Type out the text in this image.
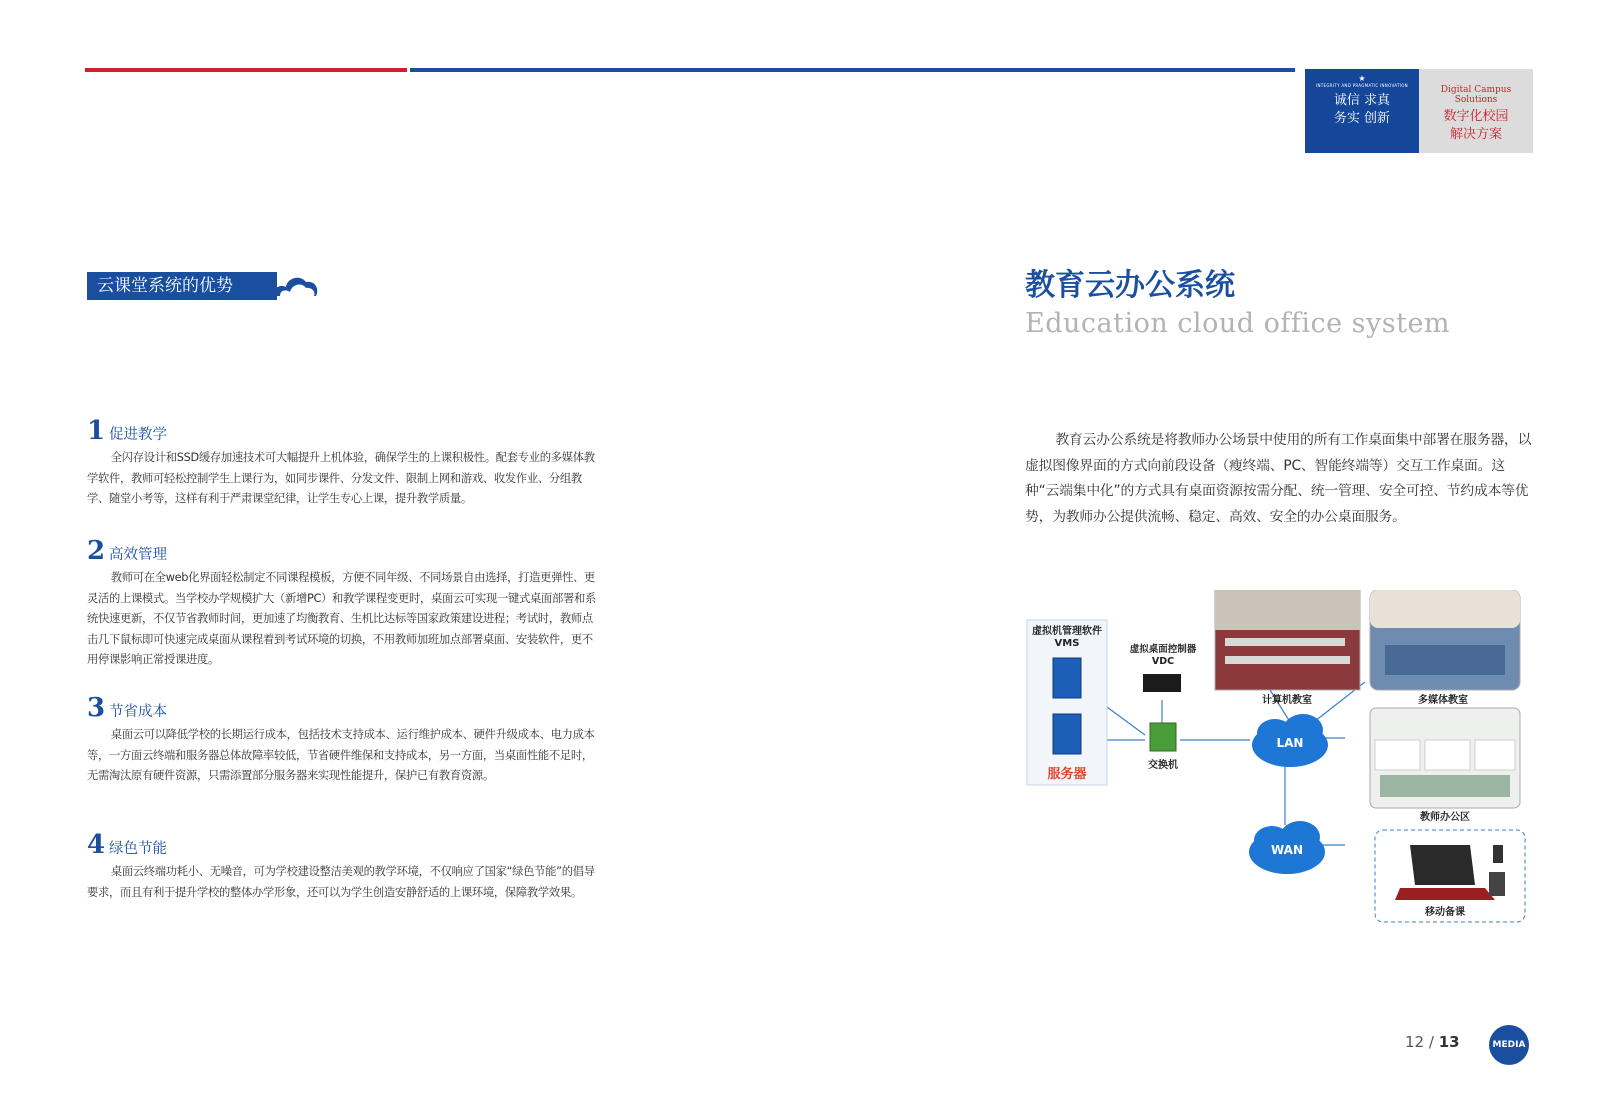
★
INTEGRITY AND PRAGMATIC INNOVATION
诚信 求真
务实 创新
Digital Campus
Solutions
数字化校园
解决方案
云课堂系统的优势
1 促进教学
全闪存设计和SSD缓存加速技术可大幅提升上机体验，确保学生的上课积极性。配套专业的多媒体教学软件，教师可轻松控制学生上课行为，如同步课件、分发文件、限制上网和游戏、收发作业、分组教学、随堂小考等，这样有利于严肃课堂纪律，让学生专心上课，提升教学质量。
2 高效管理
教师可在全web化界面轻松制定不同课程模板，方便不同年级、不同场景自由选择，打造更弹性、更灵活的上课模式。当学校办学规模扩大（新增PC）和教学课程变更时，桌面云可实现一键式桌面部署和系统快速更新，不仅节省教师时间，更加速了均衡教育、生机比达标等国家政策建设进程；考试时，教师点击几下鼠标即可快速完成桌面从课程着到考试环境的切换，不用教师加班加点部署桌面、安装软件，更不用停课影响正常授课进度。
3 节省成本
桌面云可以降低学校的长期运行成本，包括技术支持成本、运行维护成本、硬件升级成本、电力成本等，一方面云终端和服务器总体故障率较低，节省硬件维保和支持成本，另一方面，当桌面性能不足时，无需淘汰原有硬件资源，只需添置部分服务器来实现性能提升，保护已有教育资源。
4 绿色节能
桌面云终端功耗小、无噪音，可为学校建设整洁美观的教学环境，不仅响应了国家“绿色节能”的倡导要求，而且有利于提升学校的整体办学形象，还可以为学生创造安静舒适的上课环境，保障教学效果。
教育云办公系统
Education cloud office system
教育云办公系统是将教师办公场景中使用的所有工作桌面集中部署在服务器，以虚拟图像界面的方式向前段设备（瘦终端、PC、智能终端等）交互工作桌面。这种“云端集中化”的方式具有桌面资源按需分配、统一管理、安全可控、节约成本等优势，为教师办公提供流畅、稳定、高效、安全的办公桌面服务。
虚拟机管理软件
VMS
服务器
虚拟桌面控制器
VDC
交换机
LAN
WAN
计算机教室	多媒体教室
教师办公区
移动备课
12 / 13	MEDIA
